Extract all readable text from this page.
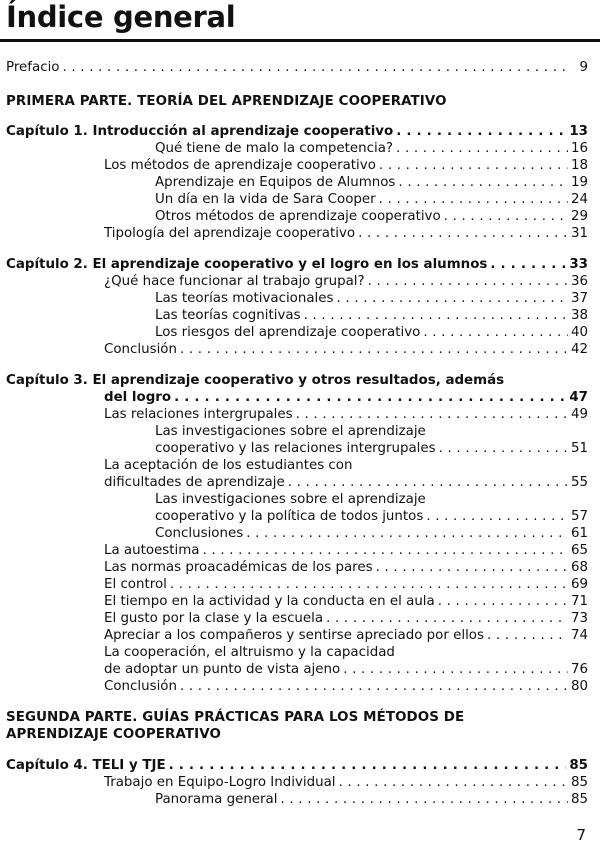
Índice general
Prefacio . . .	9
PRIMERA PARTE. TEORÍA DEL APRENDIZAJE COOPERATIVO
Capítulo 1. Introducción al aprendizaje cooperativo . . .	13
Qué tiene de malo la competencia? . . .	16
Los métodos de aprendizaje cooperativo . . .	18
Aprendizaje en Equipos de Alumnos . . .	19
Un día en la vida de Sara Cooper . . .	24
Otros métodos de aprendizaje cooperativo . . .	29
Tipología del aprendizaje cooperativo . . .	31
Capítulo 2. El aprendizaje cooperativo y el logro en los alumnos . . .	33
¿Qué hace funcionar al trabajo grupal? . . .	36
Las teorías motivacionales . . .	37
Las teorías cognitivas . . .	38
Los riesgos del aprendizaje cooperativo . . .	40
Conclusión . . .	42
Capítulo 3. El aprendizaje cooperativo y otros resultados, además
del logro . . .	47
Las relaciones intergrupales . . .	49
Las investigaciones sobre el aprendizaje
cooperativo y las relaciones intergrupales . . .	51
La aceptación de los estudiantes con
dificultades de aprendizaje . . .	55
Las investigaciones sobre el aprendizaje
cooperativo y la política de todos juntos . . .	57
Conclusiones . . .	61
La autoestima . . .	65
Las normas proacadémicas de los pares . . .	68
El control . . .	69
El tiempo en la actividad y la conducta en el aula . . .	71
El gusto por la clase y la escuela . . .	73
Apreciar a los compañeros y sentirse apreciado por ellos . . .	74
La cooperación, el altruismo y la capacidad
de adoptar un punto de vista ajeno . . .	76
Conclusión . . .	80
SEGUNDA PARTE. GUÍAS PRÁCTICAS PARA LOS MÉTODOS DE
APRENDIZAJE COOPERATIVO
Capítulo 4. TELI y TJE . . .	85
Trabajo en Equipo-Logro Individual . . .	85
Panorama general . . .	85
7
